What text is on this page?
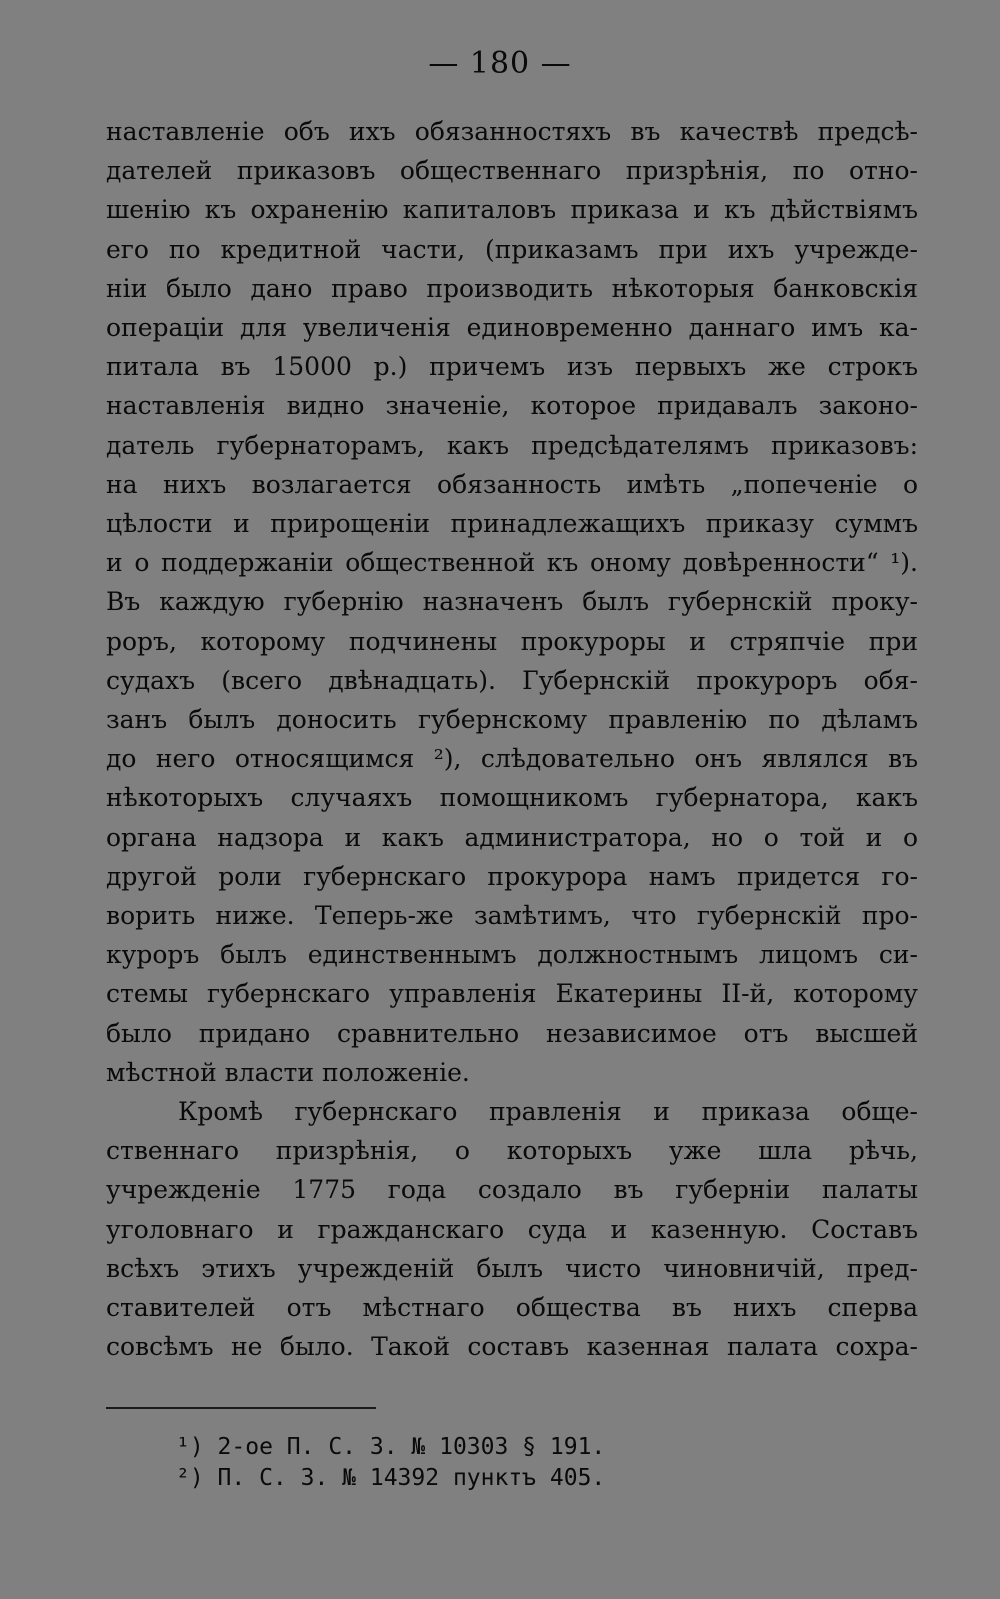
— 180 —
наставленіе объ ихъ обязанностяхъ въ качествѣ предсѣ-
дателей приказовъ общественнаго призрѣнія, по отно-
шенію къ охраненію капиталовъ приказа и къ дѣйствіямъ
его по кредитной части, (приказамъ при ихъ учрежде-
ніи было дано право производить нѣкоторыя банковскія
операціи для увеличенія единовременно даннаго имъ ка-
питала въ 15000 р.) причемъ изъ первыхъ же строкъ
наставленія видно значеніе, которое придавалъ законо-
датель губернаторамъ, какъ предсѣдателямъ приказовъ:
на нихъ возлагается обязанность имѣть „попеченіе о
цѣлости и прирощеніи принадлежащихъ приказу суммъ
и о поддержаніи общественной къ оному довѣренности“ ¹).
Въ каждую губернію назначенъ былъ губернскій проку-
роръ, которому подчинены прокуроры и стряпчіе при
судахъ (всего двѣнадцать). Губернскій прокуроръ обя-
занъ былъ доносить губернскому правленію по дѣламъ
до него относящимся ²), слѣдовательно онъ являлся въ
нѣкоторыхъ случаяхъ помощникомъ губернатора, какъ
органа надзора и какъ администратора, но о той и о
другой роли губернскаго прокурора намъ придется го-
ворить ниже. Теперь-же замѣтимъ, что губернскій про-
куроръ былъ единственнымъ должностнымъ лицомъ си-
стемы губернскаго управленія Екатерины II-й, которому
было придано сравнительно независимое отъ высшей
мѣстной власти положеніе.
Кромѣ губернскаго правленія и приказа обще-
ственнаго призрѣнія, о которыхъ уже шла рѣчь,
учрежденіе 1775 года создало въ губерніи палаты
уголовнаго и гражданскаго суда и казенную. Составъ
всѣхъ этихъ учрежденій былъ чисто чиновничій, пред-
ставителей отъ мѣстнаго общества въ нихъ сперва
совсѣмъ не было. Такой составъ казенная палата сохра-
¹) 2-ое П. С. З. № 10303 § 191.
²) П. С. З. № 14392 пунктъ 405.
